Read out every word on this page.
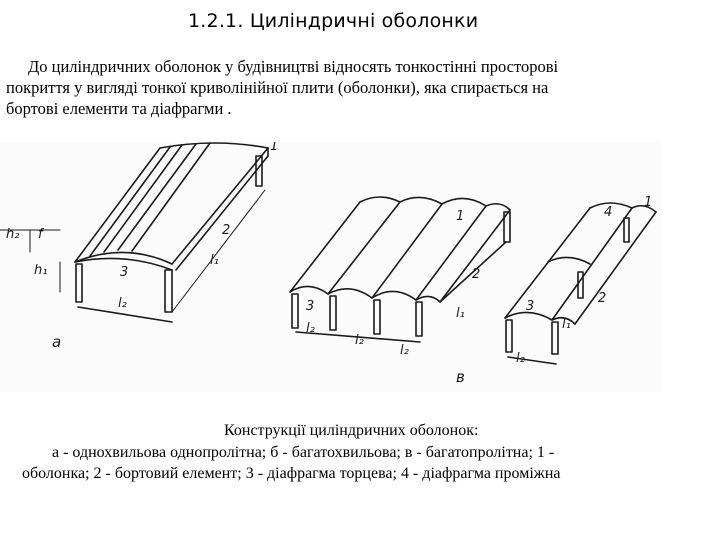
1.2.1. Циліндричні оболонки
До циліндричних оболонок у будівництві відносять тонкостінні просторові
покриття у вигляді тонкої криволінійної плити (оболонки), яка спирається на
бортові елементи та діафрагми .
1
2
l₁
l₂
3
f
h₂
h₁
а
1
2
l₁
3
l₂
l₂
l₂
1
4
2
l₁
3
l₂
в
Конструкції циліндричних оболонок:
а - однохвильова однопролітна; б - багатохвильова; в - багатопролітна; 1 -
оболонка; 2 - бортовий елемент; 3 - діафрагма торцева; 4 - діафрагма проміжна
